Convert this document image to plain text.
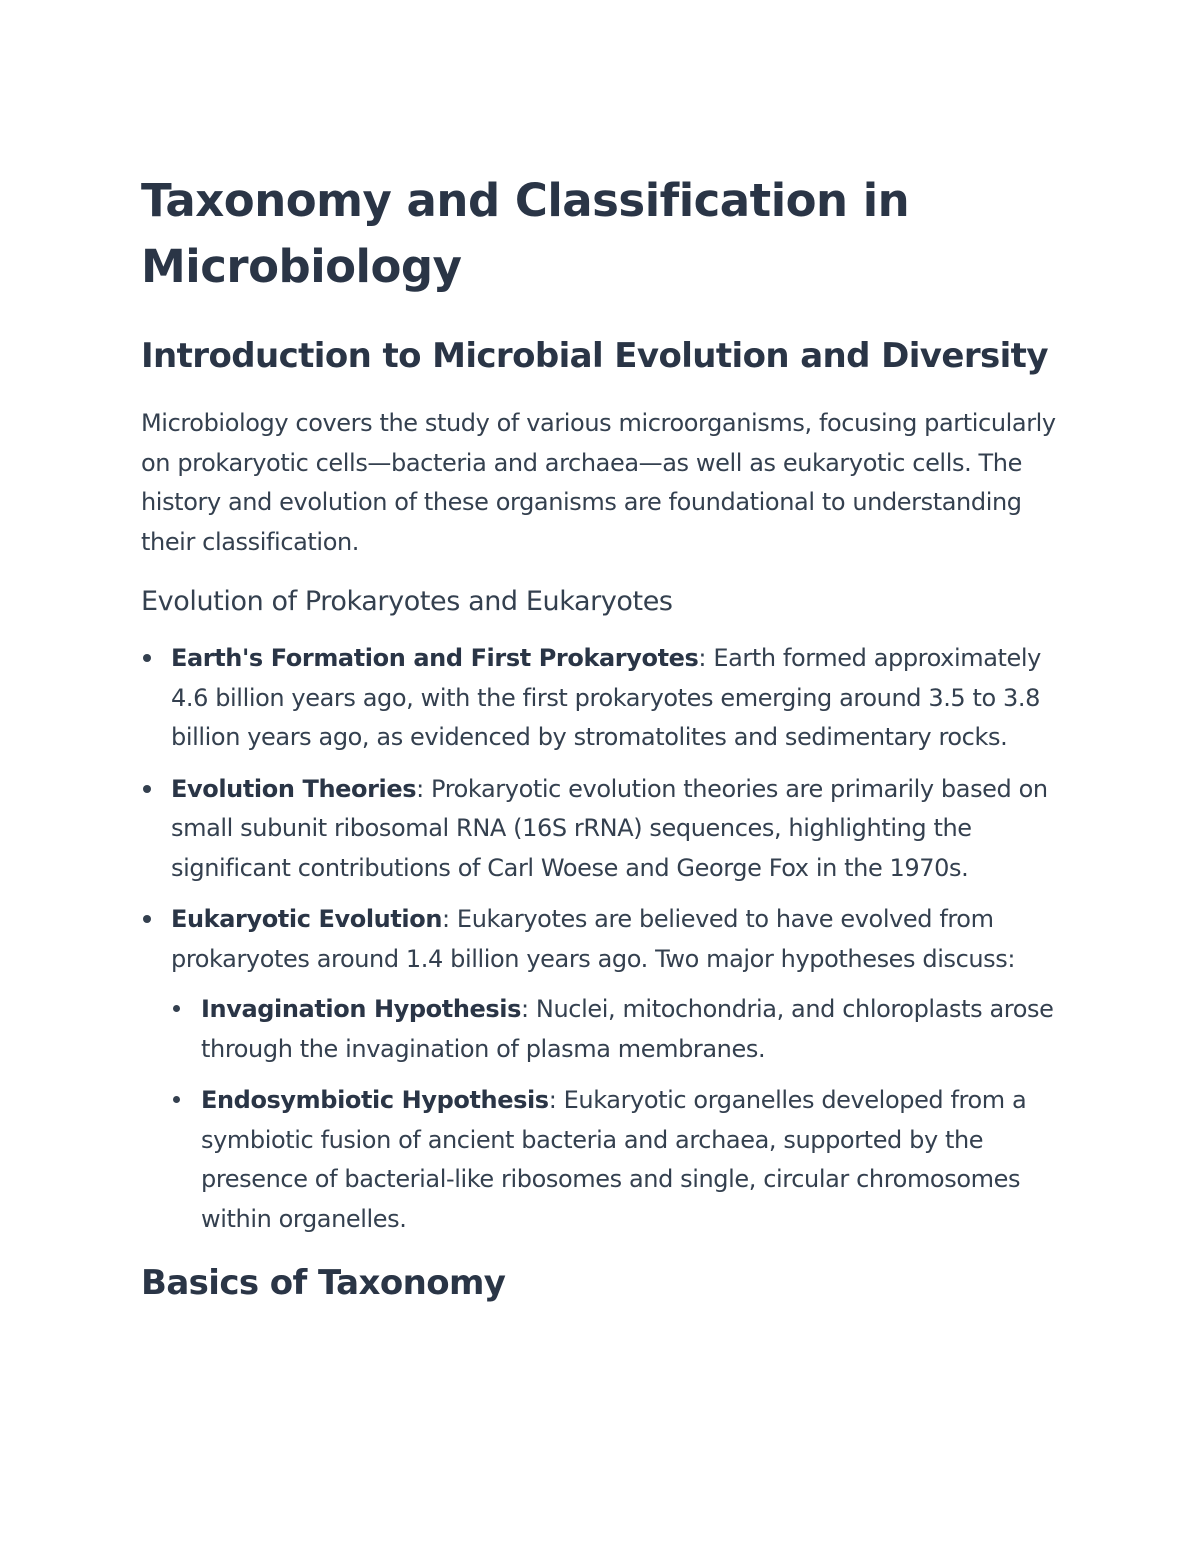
Taxonomy and Classification in Microbiology
Introduction to Microbial Evolution and Diversity

Microbiology covers the study of various microorganisms, focusing particularly on prokaryotic cells—bacteria and archaea—as well as eukaryotic cells. The history and evolution of these organisms are foundational to understanding their classification.

Evolution of Prokaryotes and Eukaryotes
Earth's Formation and First Prokaryotes: Earth formed approximately 4.6 billion years ago, with the first prokaryotes emerging around 3.5 to 3.8 billion years ago, as evidenced by stromatolites and sedimentary rocks.
Evolution Theories: Prokaryotic evolution theories are primarily based on small subunit ribosomal RNA (16S rRNA) sequences, highlighting the significant contributions of Carl Woese and George Fox in the 1970s.
Eukaryotic Evolution: Eukaryotes are believed to have evolved from prokaryotes around 1.4 billion years ago. Two major hypotheses discuss:
Invagination Hypothesis: Nuclei, mitochondria, and chloroplasts arose through the invagination of plasma membranes.
Endosymbiotic Hypothesis: Eukaryotic organelles developed from a symbiotic fusion of ancient bacteria and archaea, supported by the presence of bacterial-like ribosomes and single, circular chromosomes within organelles.
Basics of Taxonomy
